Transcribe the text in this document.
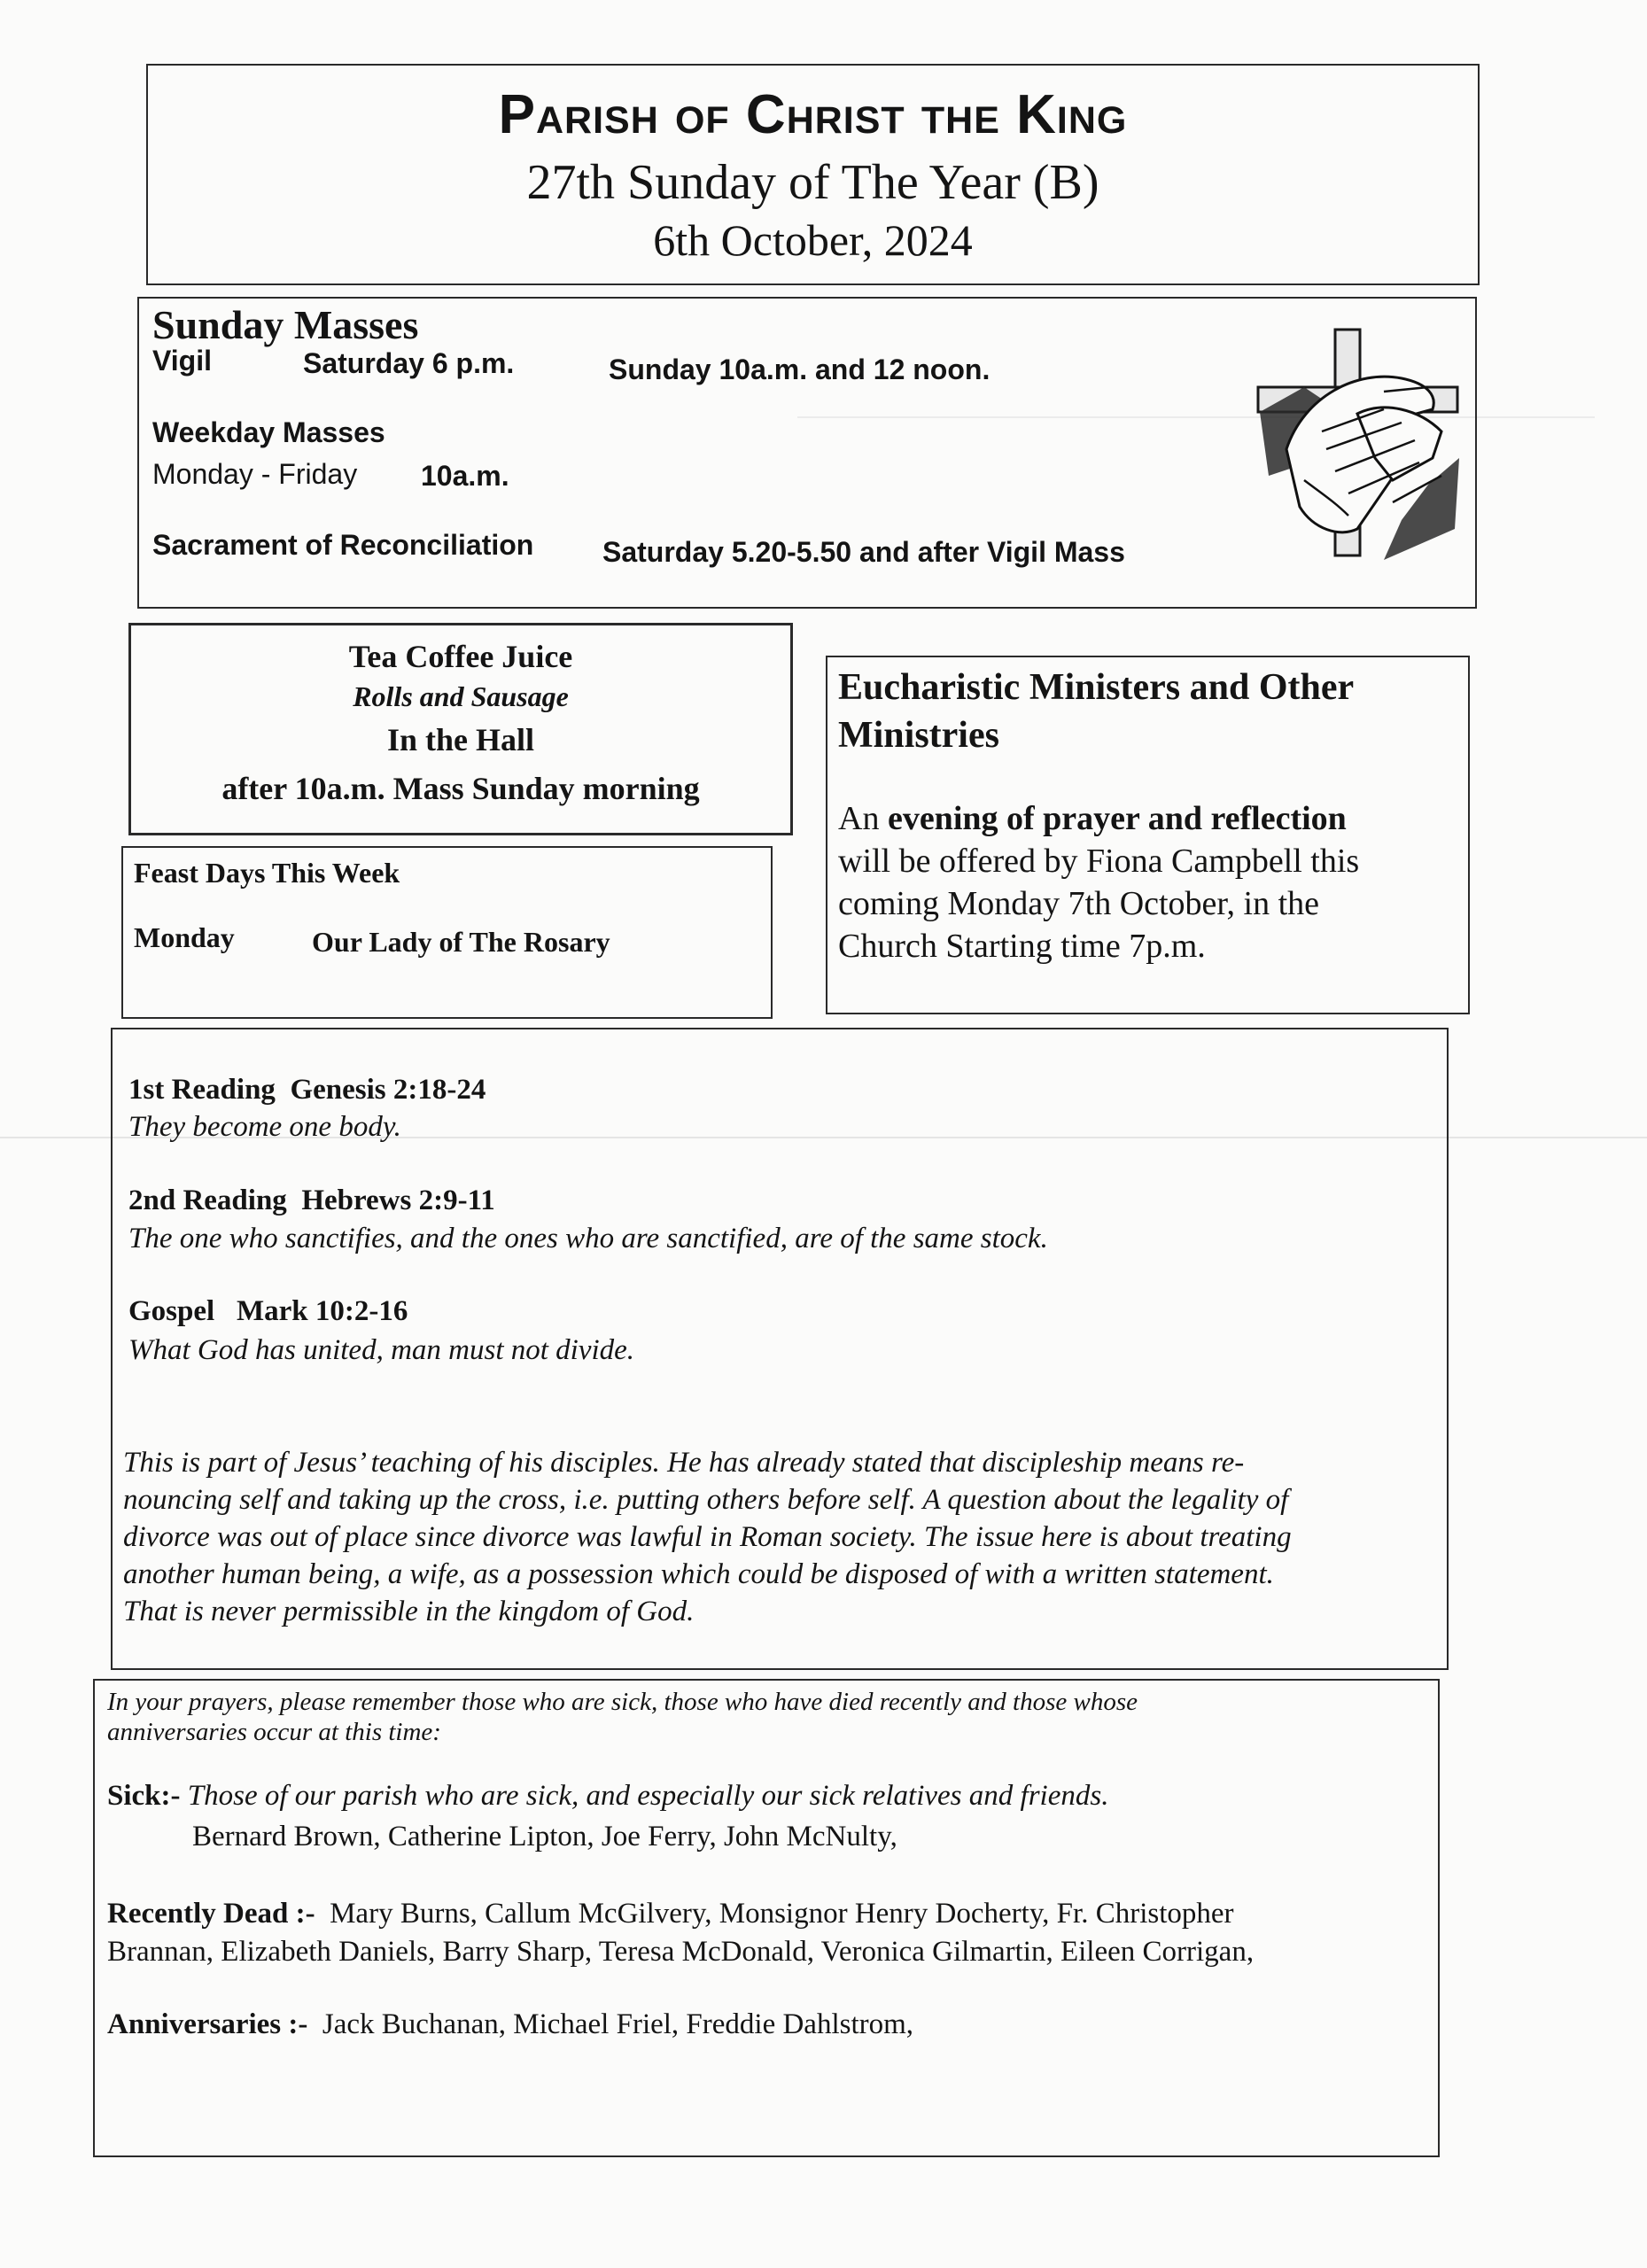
Parish of Christ the King
27th Sunday of The Year (B)
6th October, 2024
Sunday Masses
Vigil	Saturday 6 p.m.	Sunday 10a.m. and 12 noon.
Weekday Masses
Monday - Friday 10a.m.
Sacrament of Reconciliation Saturday 5.20-5.50 and after Vigil Mass
Tea Coffee Juice
Rolls and Sausage
In the Hall
after 10a.m. Mass Sunday morning
Feast Days This Week
Monday	Our Lady of The Rosary
Eucharistic Ministers and Other
Ministries
An evening of prayer and reflection
will be offered by Fiona Campbell this
coming Monday 7th October, in the
Church Starting time 7p.m.
1st Reading Genesis 2:18-24
They become one body.
2nd Reading Hebrews 2:9-11
The one who sanctifies, and the ones who are sanctified, are of the same stock.
Gospel Mark 10:2-16
What God has united, man must not divide.
This is part of Jesus’ teaching of his disciples. He has already stated that discipleship means re-
nouncing self and taking up the cross, i.e. putting others before self. A question about the legality of
divorce was out of place since divorce was lawful in Roman society. The issue here is about treating
another human being, a wife, as a possession which could be disposed of with a written statement.
That is never permissible in the kingdom of God.
In your prayers, please remember those who are sick, those who have died recently and those whose
anniversaries occur at this time:
Sick:- Those of our parish who are sick, and especially our sick relatives and friends.
Bernard Brown, Catherine Lipton, Joe Ferry, John McNulty,
Recently Dead :- Mary Burns, Callum McGilvery, Monsignor Henry Docherty, Fr. Christopher
Brannan, Elizabeth Daniels, Barry Sharp, Teresa McDonald, Veronica Gilmartin, Eileen Corrigan,
Anniversaries :- Jack Buchanan, Michael Friel, Freddie Dahlstrom,
